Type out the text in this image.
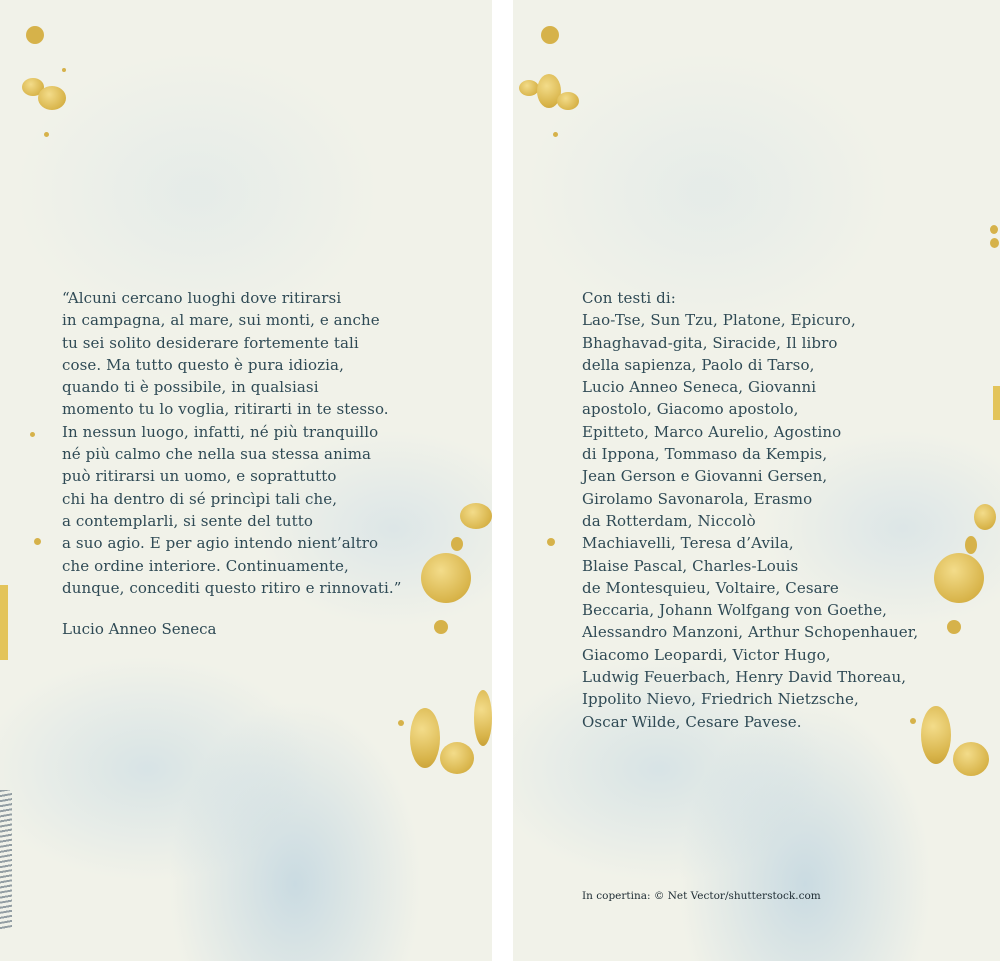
“Alcuni cercano luoghi dove ritirarsi
in campagna, al mare, sui monti, e anche
tu sei solito desiderare fortemente tali
cose. Ma tutto questo è pura idiozia,
quando ti è possibile, in qualsiasi
momento tu lo voglia, ritirarti in te stesso.
In nessun luogo, infatti, né più tranquillo
né più calmo che nella sua stessa anima
può ritirarsi un uomo, e soprattutto
chi ha dentro di sé princìpi tali che,
a contemplarli, si sente del tutto
a suo agio. E per agio intendo nient’altro
che ordine interiore. Continuamente,
dunque, concediti questo ritiro e rinnovati.”
Lucio Anneo Seneca
Con testi di:
Lao-Tse, Sun Tzu, Platone, Epicuro,
Bhaghavad-gita, Siracide, Il libro
della sapienza, Paolo di Tarso,
Lucio Anneo Seneca, Giovanni
apostolo, Giacomo apostolo,
Epitteto, Marco Aurelio, Agostino
di Ippona, Tommaso da Kempis,
Jean Gerson e Giovanni Gersen,
Girolamo Savonarola, Erasmo
da Rotterdam, Niccolò
Machiavelli, Teresa d’Avila,
Blaise Pascal, Charles-Louis
de Montesquieu, Voltaire, Cesare
Beccaria, Johann Wolfgang von Goethe,
Alessandro Manzoni, Arthur Schopenhauer,
Giacomo Leopardi, Victor Hugo,
Ludwig Feuerbach, Henry David Thoreau,
Ippolito Nievo, Friedrich Nietzsche,
Oscar Wilde, Cesare Pavese.
In copertina: © Net Vector/shutterstock.com
